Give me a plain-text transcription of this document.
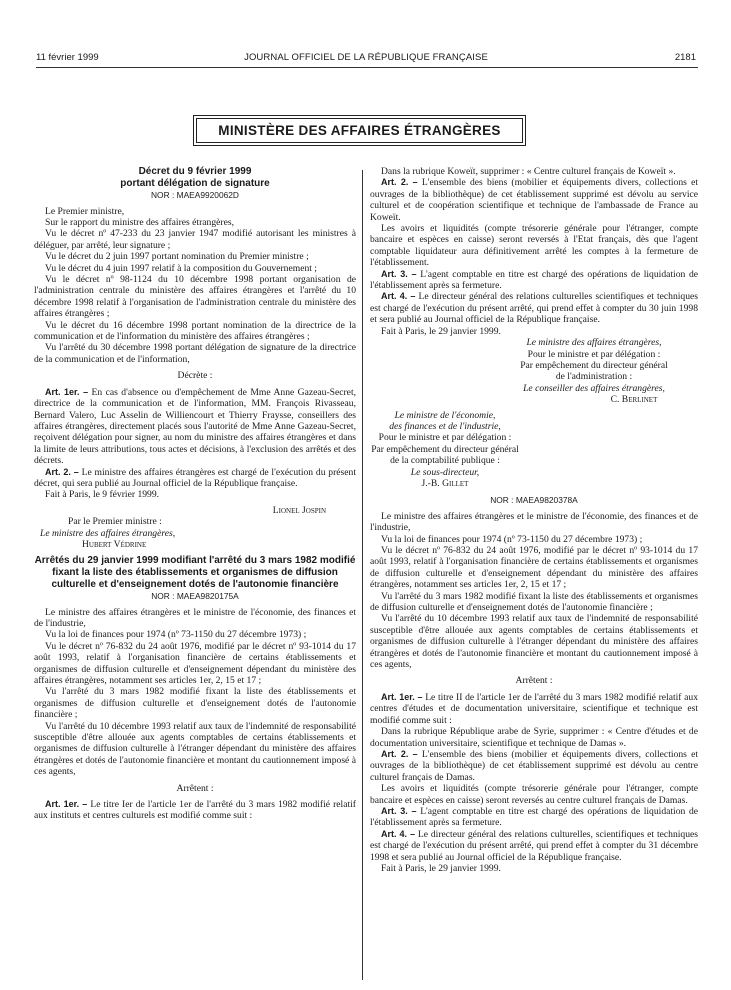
11 février 1999	JOURNAL OFFICIEL DE LA RÉPUBLIQUE FRANÇAISE	2181
MINISTÈRE DES AFFAIRES ÉTRANGÈRES

Décret du 9 février 1999

portant délégation de signature

NOR : MAEA9920062D

Le Premier ministre,

Sur le rapport du ministre des affaires étrangères,

Vu le décret nº 47-233 du 23 janvier 1947 modifié autorisant les ministres à déléguer, par arrêté, leur signature ;

Vu le décret du 2 juin 1997 portant nomination du Premier ministre ;

Vu le décret du 4 juin 1997 relatif à la composition du Gouvernement ;

Vu le décret nº 98-1124 du 10 décembre 1998 portant organisation de l'administration centrale du ministère des affaires étrangères et l'arrêté du 10 décembre 1998 relatif à l'organisation de l'administration centrale du ministère des affaires étrangères ;

Vu le décret du 16 décembre 1998 portant nomination de la directrice de la communication et de l'information du ministère des affaires étrangères ;

Vu l'arrêté du 30 décembre 1998 portant délégation de signature de la directrice de la communication et de l'information,

Décrète :

Art. 1er. – En cas d'absence ou d'empêchement de Mme Anne Gazeau-Secret, directrice de la communication et de l'information, MM. François Rivasseau, Bernard Valero, Luc Asselin de Williencourt et Thierry Fraysse, conseillers des affaires étrangères, directement placés sous l'autorité de Mme Anne Gazeau-Secret, reçoivent délégation pour signer, au nom du ministre des affaires étrangères et dans la limite de leurs attributions, tous actes et décisions, à l'exclusion des arrêtés et des décrets.

Art. 2. – Le ministre des affaires étrangères est chargé de l'exécution du présent décret, qui sera publié au Journal officiel de la République française.

Fait à Paris, le 9 février 1999.

Lionel Jospin

Par le Premier ministre :

Le ministre des affaires étrangères,

Hubert Védrine

Arrêtés du 29 janvier 1999 modifiant l'arrêté du 3 mars 1982 modifié fixant la liste des établissements et organismes de diffusion culturelle et d'enseignement dotés de l'autonomie financière

NOR : MAEA9820175A

Le ministre des affaires étrangères et le ministre de l'économie, des finances et de l'industrie,

Vu la loi de finances pour 1974 (nº 73-1150 du 27 décembre 1973) ;

Vu le décret nº 76-832 du 24 août 1976, modifié par le décret nº 93-1014 du 17 août 1993, relatif à l'organisation financière de certains établissements et organismes de diffusion culturelle et d'enseignement dépendant du ministère des affaires étrangères, notamment ses articles 1er, 2, 15 et 17 ;

Vu l'arrêté du 3 mars 1982 modifié fixant la liste des établissements et organismes de diffusion culturelle et d'enseignement dotés de l'autonomie financière ;

Vu l'arrêté du 10 décembre 1993 relatif aux taux de l'indemnité de responsabilité susceptible d'être allouée aux agents comptables de certains établissements et organismes de diffusion culturelle à l'étranger dépendant du ministère des affaires étrangères et dotés de l'autonomie financière et montant du cautionnement imposé à ces agents,

Arrêtent :

Art. 1er. – Le titre Ier de l'article 1er de l'arrêté du 3 mars 1982 modifié relatif aux instituts et centres culturels est modifié comme suit :

Dans la rubrique Koweït, supprimer : « Centre culturel français de Koweït ».

Art. 2. – L'ensemble des biens (mobilier et équipements divers, collections et ouvrages de la bibliothèque) de cet établissement supprimé est dévolu au service culturel et de coopération scientifique et technique de l'ambassade de France au Koweït.

Les avoirs et liquidités (compte trésorerie générale pour l'étranger, compte bancaire et espèces en caisse) seront reversés à l'Etat français, dès que l'agent comptable liquidateur aura définitivement arrêté les comptes à la fermeture de l'établissement.

Art. 3. – L'agent comptable en titre est chargé des opérations de liquidation de l'établissement après sa fermeture.

Art. 4. – Le directeur général des relations culturelles scientifiques et techniques est chargé de l'exécution du présent arrêté, qui prend effet à compter du 30 juin 1998 et sera publié au Journal officiel de la République française.

Fait à Paris, le 29 janvier 1999.

Le ministre des affaires étrangères,

Pour le ministre et par délégation :

Par empêchement du directeur général

de l'administration :

Le conseiller des affaires étrangères,

C. Berlinet

Le ministre de l'économie,

des finances et de l'industrie,

Pour le ministre et par délégation :

Par empêchement du directeur général

de la comptabilité publique :

Le sous-directeur,

J.-B. Gillet

NOR : MAEA9820378A

Le ministre des affaires étrangères et le ministre de l'économie, des finances et de l'industrie,

Vu la loi de finances pour 1974 (nº 73-1150 du 27 décembre 1973) ;

Vu le décret nº 76-832 du 24 août 1976, modifié par le décret nº 93-1014 du 17 août 1993, relatif à l'organisation financière de certains établissements et organismes de diffusion culturelle et d'enseignement dépendant du ministère des affaires étrangères, notamment ses articles 1er, 2, 15 et 17 ;

Vu l'arrêté du 3 mars 1982 modifié fixant la liste des établissements et organismes de diffusion culturelle et d'enseignement dotés de l'autonomie financière ;

Vu l'arrêté du 10 décembre 1993 relatif aux taux de l'indemnité de responsabilité susceptible d'être allouée aux agents comptables de certains établissements et organismes de diffusion culturelle à l'étranger dépendant du ministère des affaires étrangères et dotés de l'autonomie financière et montant du cautionnement imposé à ces agents,

Arrêtent :

Art. 1er. – Le titre II de l'article 1er de l'arrêté du 3 mars 1982 modifié relatif aux centres d'études et de documentation universitaire, scientifique et technique est modifié comme suit :

Dans la rubrique République arabe de Syrie, supprimer : « Centre d'études et de documentation universitaire, scientifique et technique de Damas ».

Art. 2. – L'ensemble des biens (mobilier et équipements divers, collections et ouvrages de la bibliothèque) de cet établissement supprimé est dévolu au centre culturel français de Damas.

Les avoirs et liquidités (compte trésorerie générale pour l'étranger, compte bancaire et espèces en caisse) seront reversés au centre culturel français de Damas.

Art. 3. – L'agent comptable en titre est chargé des opérations de liquidation de l'établissement après sa fermeture.

Art. 4. – Le directeur général des relations culturelles, scientifiques et techniques est chargé de l'exécution du présent arrêté, qui prend effet à compter du 31 décembre 1998 et sera publié au Journal officiel de la République française.

Fait à Paris, le 29 janvier 1999.
